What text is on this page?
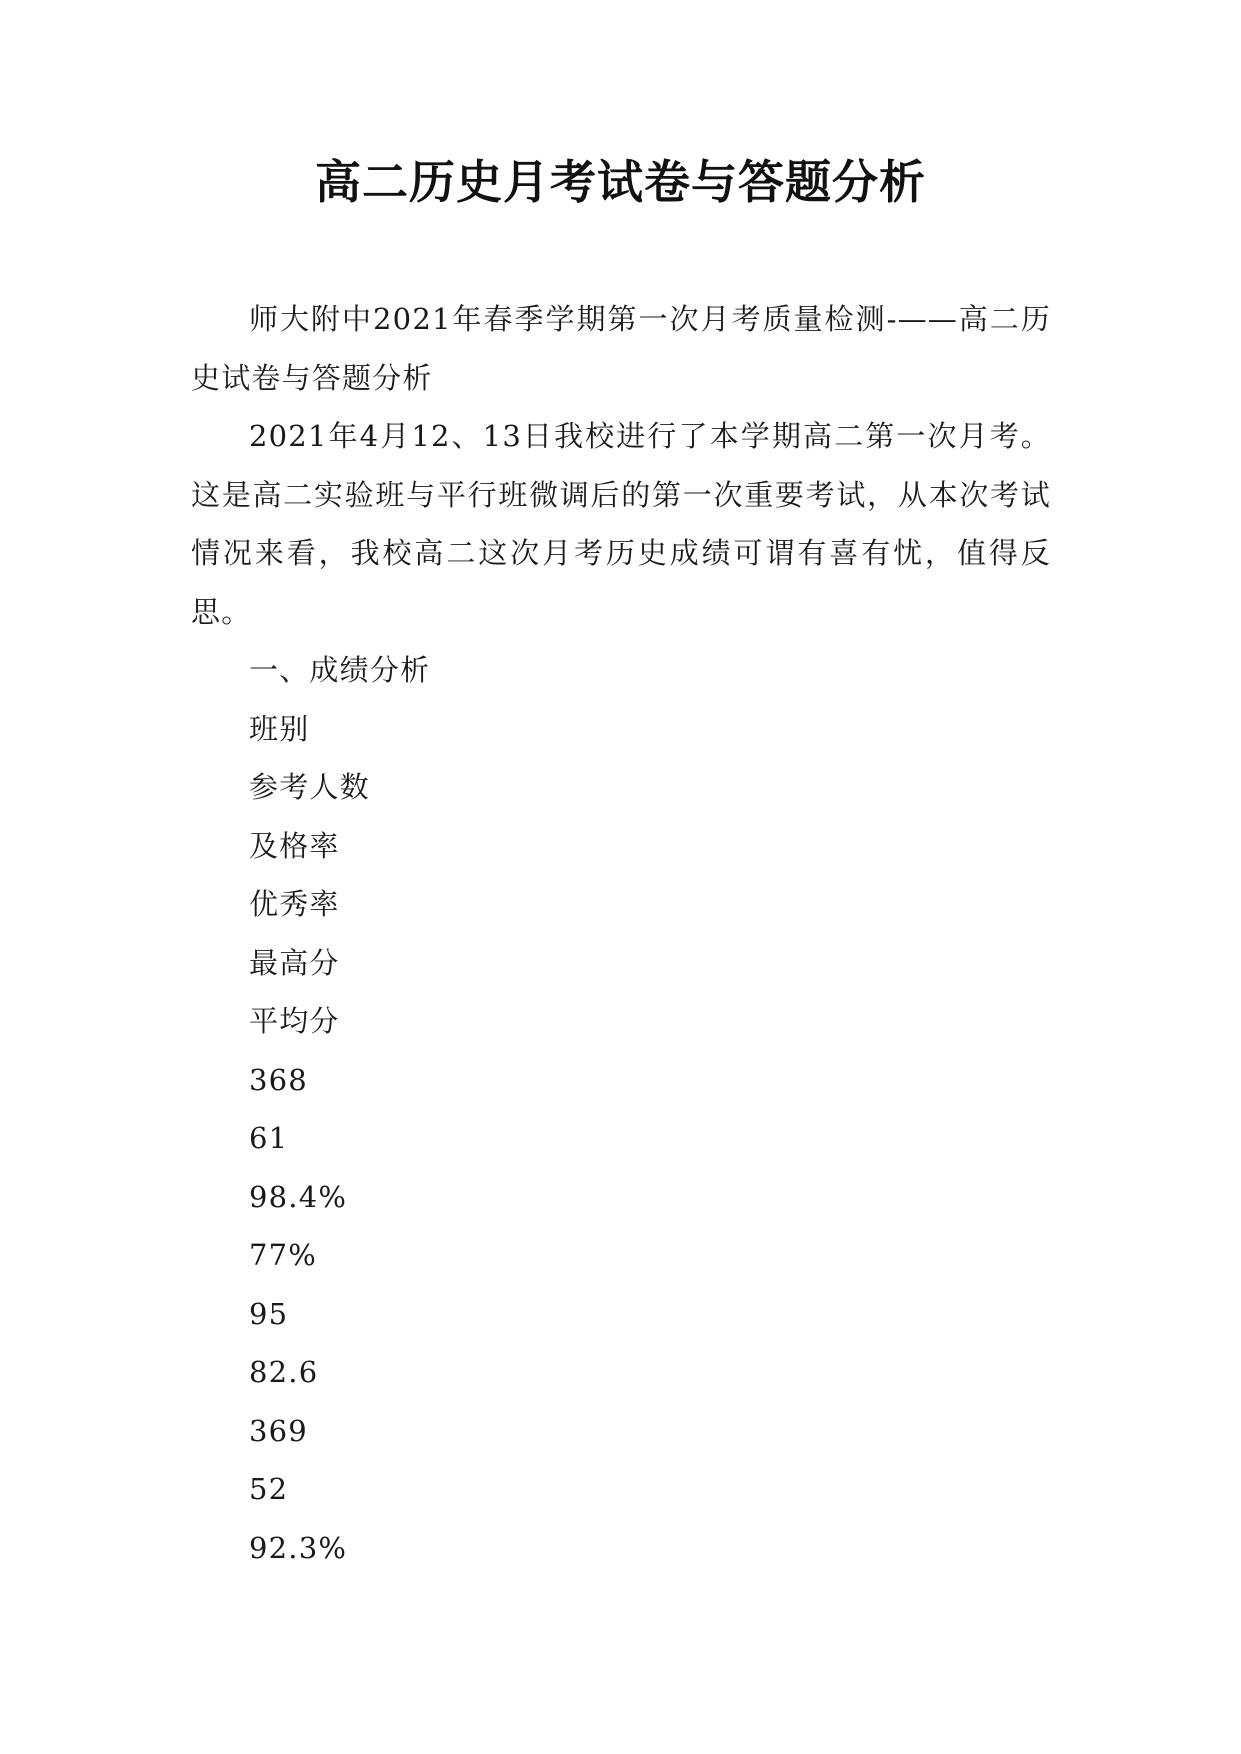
高二历史月考试卷与答题分析

师大附中2021年春季学期第一次月考质量检测-——高二历史试卷与答题分析

2021年4月12、13日我校进行了本学期高二第一次月考。这是高二实验班与平行班微调后的第一次重要考试，从本次考试情况来看，我校高二这次月考历史成绩可谓有喜有忧，值得反思。

一、成绩分析

班别

参考人数

及格率

优秀率

最高分

平均分

368

61

98.4%

77%

95

82.6

369

52

92.3%
